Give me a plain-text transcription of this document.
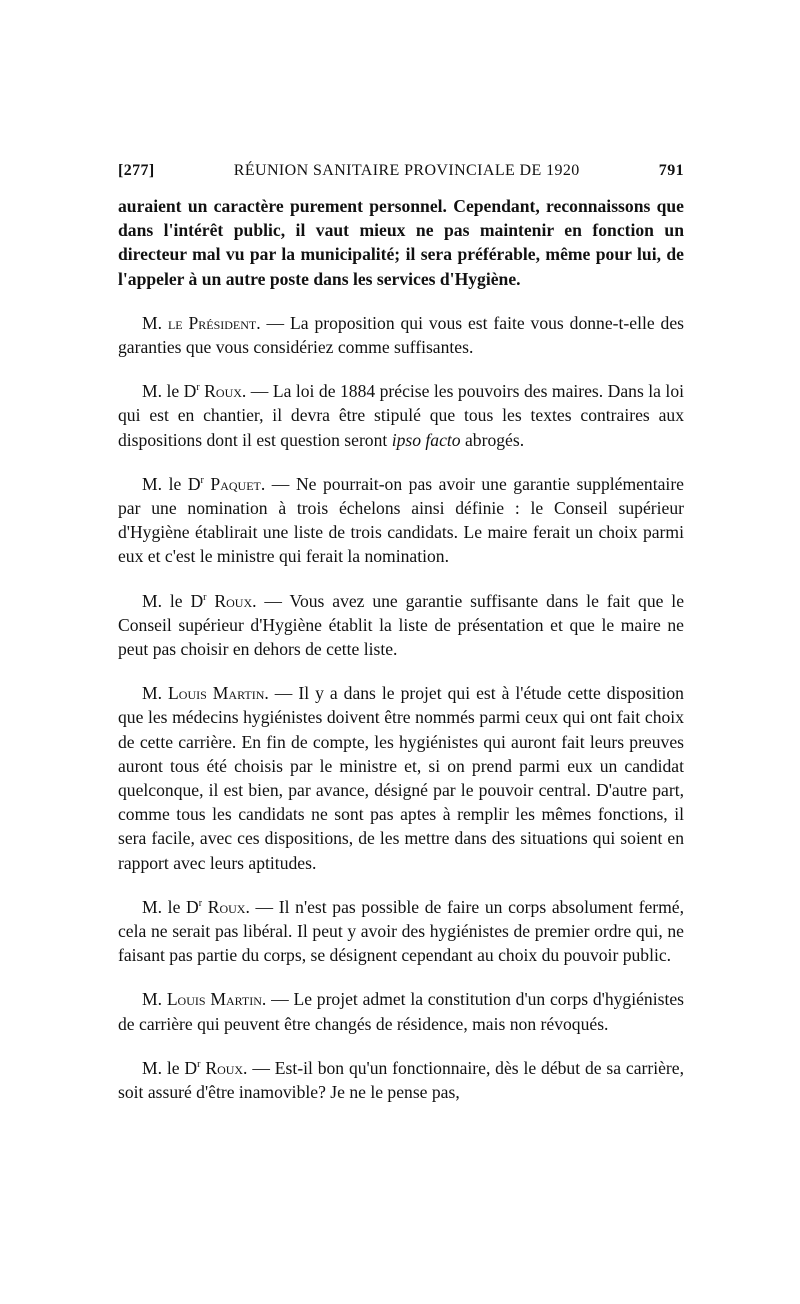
[277]	RÉUNION SANITAIRE PROVINCIALE DE 1920	791

auraient un caractère purement personnel. Cependant, reconnaissons que dans l'intérêt public, il vaut mieux ne pas maintenir en fonction un directeur mal vu par la municipalité; il sera préférable, même pour lui, de l'appeler à un autre poste dans les services d'Hygiène.

M. le Président. — La proposition qui vous est faite vous donne-t-elle des garanties que vous considériez comme suffisantes.

M. le $D^r$ Roux. — La loi de 1884 précise les pouvoirs des maires. Dans la loi qui est en chantier, il devra être stipulé que tous les textes contraires aux dispositions dont il est question seront ipso facto abrogés.

M. le $D^r$ Paquet. — Ne pourrait-on pas avoir une garantie supplémentaire par une nomination à trois échelons ainsi définie : le Conseil supérieur d'Hygiène établirait une liste de trois candidats. Le maire ferait un choix parmi eux et c'est le ministre qui ferait la nomination.

M. le $D^r$ Roux. — Vous avez une garantie suffisante dans le fait que le Conseil supérieur d'Hygiène établit la liste de présentation et que le maire ne peut pas choisir en dehors de cette liste.

M. Louis Martin. — Il y a dans le projet qui est à l'étude cette disposition que les médecins hygiénistes doivent être nommés parmi ceux qui ont fait choix de cette carrière. En fin de compte, les hygiénistes qui auront fait leurs preuves auront tous été choisis par le ministre et, si on prend parmi eux un candidat quelconque, il est bien, par avance, désigné par le pouvoir central. D'autre part, comme tous les candidats ne sont pas aptes à remplir les mêmes fonctions, il sera facile, avec ces dispositions, de les mettre dans des situations qui soient en rapport avec leurs aptitudes.

M. le $D^r$ Roux. — Il n'est pas possible de faire un corps absolument fermé, cela ne serait pas libéral. Il peut y avoir des hygiénistes de premier ordre qui, ne faisant pas partie du corps, se désignent cependant au choix du pouvoir public.

M. Louis Martin. — Le projet admet la constitution d'un corps d'hygiénistes de carrière qui peuvent être changés de résidence, mais non révoqués.

M. le $D^r$ Roux. — Est-il bon qu'un fonctionnaire, dès le début de sa carrière, soit assuré d'être inamovible? Je ne le pense pas,
